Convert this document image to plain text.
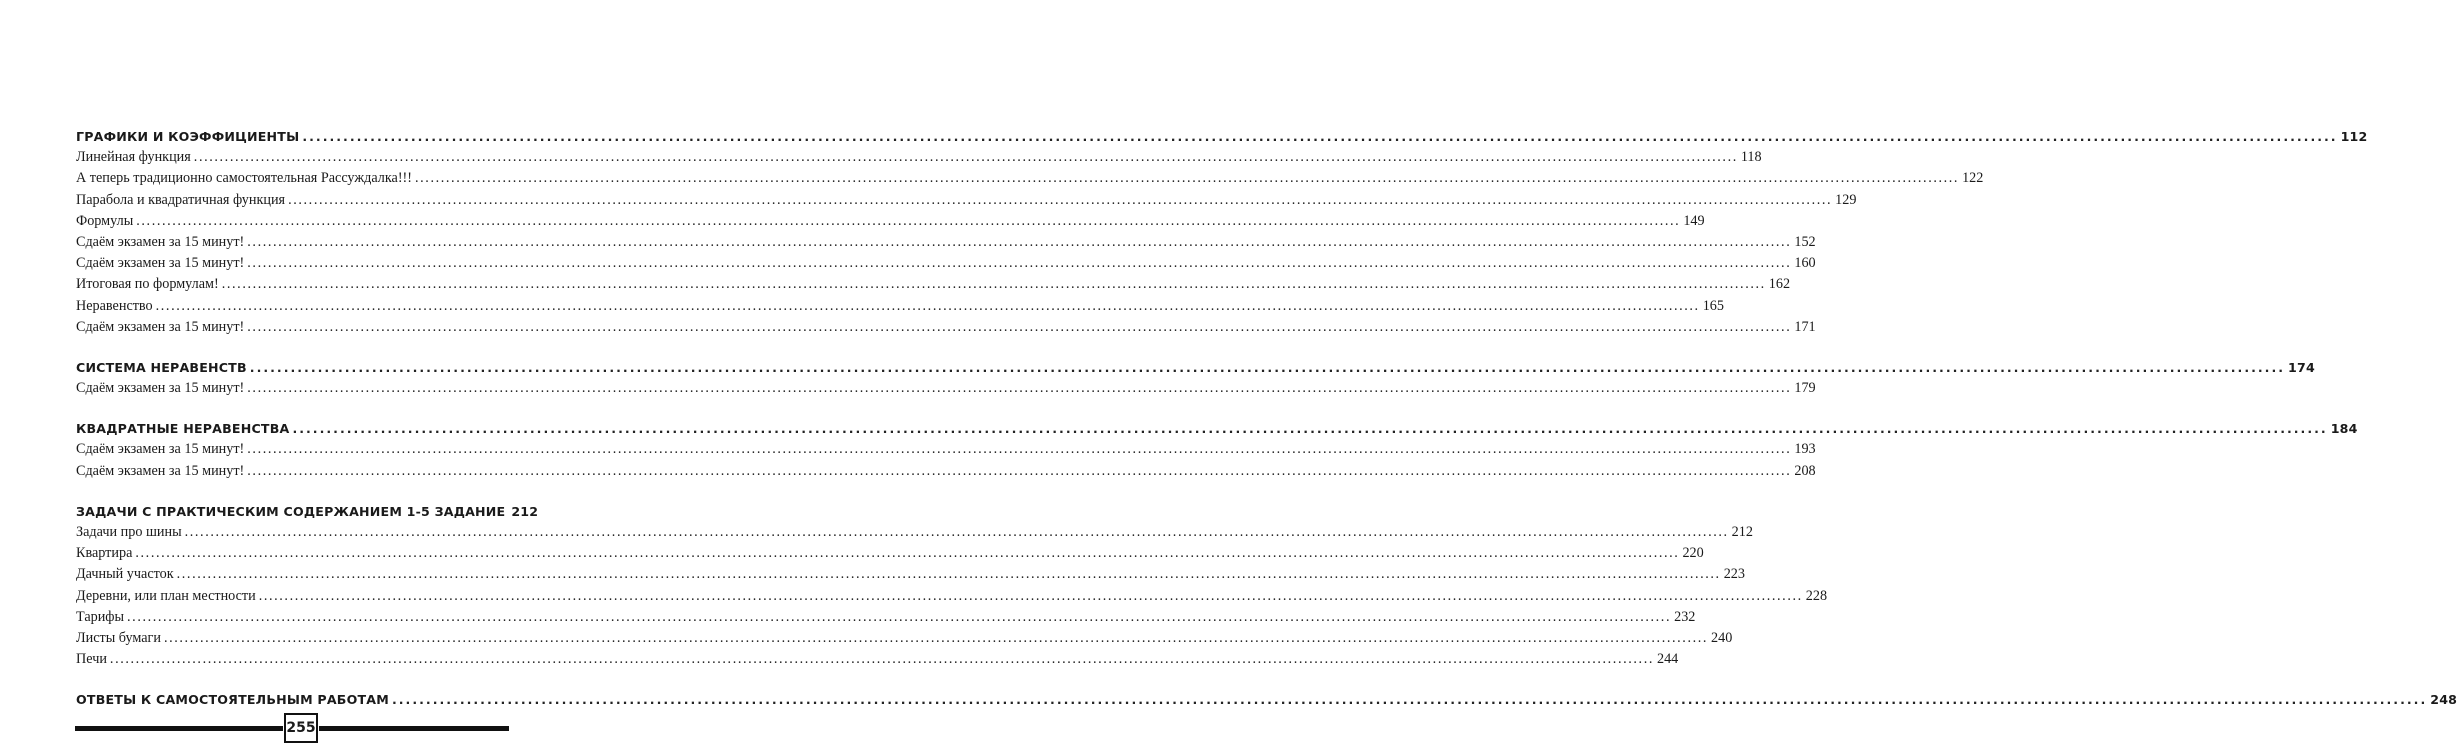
ГРАФИКИ И КОЭФФИЦИЕНТЫ ............................................................................................................................................................................................................................................................................................................ 112
Линейная функция ............................................................................................................................................................................................................................................................................................................ 118
А теперь традиционно самостоятельная Рассуждалка!!! ............................................................................................................................................................................................................................................................................................................ 122
Парабола и квадратичная функция ............................................................................................................................................................................................................................................................................................................ 129
Формулы ............................................................................................................................................................................................................................................................................................................ 149
Сдаём экзамен за 15 минут! ............................................................................................................................................................................................................................................................................................................ 152
Сдаём экзамен за 15 минут! ............................................................................................................................................................................................................................................................................................................ 160
Итоговая по формулам! ............................................................................................................................................................................................................................................................................................................ 162
Неравенство ............................................................................................................................................................................................................................................................................................................ 165
Сдаём экзамен за 15 минут! ............................................................................................................................................................................................................................................................................................................ 171
СИСТЕМА НЕРАВЕНСТВ ............................................................................................................................................................................................................................................................................................................ 174
Сдаём экзамен за 15 минут! ............................................................................................................................................................................................................................................................................................................ 179
КВАДРАТНЫЕ НЕРАВЕНСТВА ............................................................................................................................................................................................................................................................................................................ 184
Сдаём экзамен за 15 минут! ............................................................................................................................................................................................................................................................................................................ 193
Сдаём экзамен за 15 минут! ............................................................................................................................................................................................................................................................................................................ 208
ЗАДАЧИ С ПРАКТИЧЕСКИМ СОДЕРЖАНИЕМ 1-5 ЗАДАНИЕ 212
Задачи про шины ............................................................................................................................................................................................................................................................................................................ 212
Квартира ............................................................................................................................................................................................................................................................................................................ 220
Дачный участок ............................................................................................................................................................................................................................................................................................................ 223
Деревни, или план местности ............................................................................................................................................................................................................................................................................................................ 228
Тарифы ............................................................................................................................................................................................................................................................................................................ 232
Листы бумаги ............................................................................................................................................................................................................................................................................................................ 240
Печи ............................................................................................................................................................................................................................................................................................................ 244
ОТВЕТЫ К САМОСТОЯТЕЛЬНЫМ РАБОТАМ ............................................................................................................................................................................................................................................................................................................ 248
255
